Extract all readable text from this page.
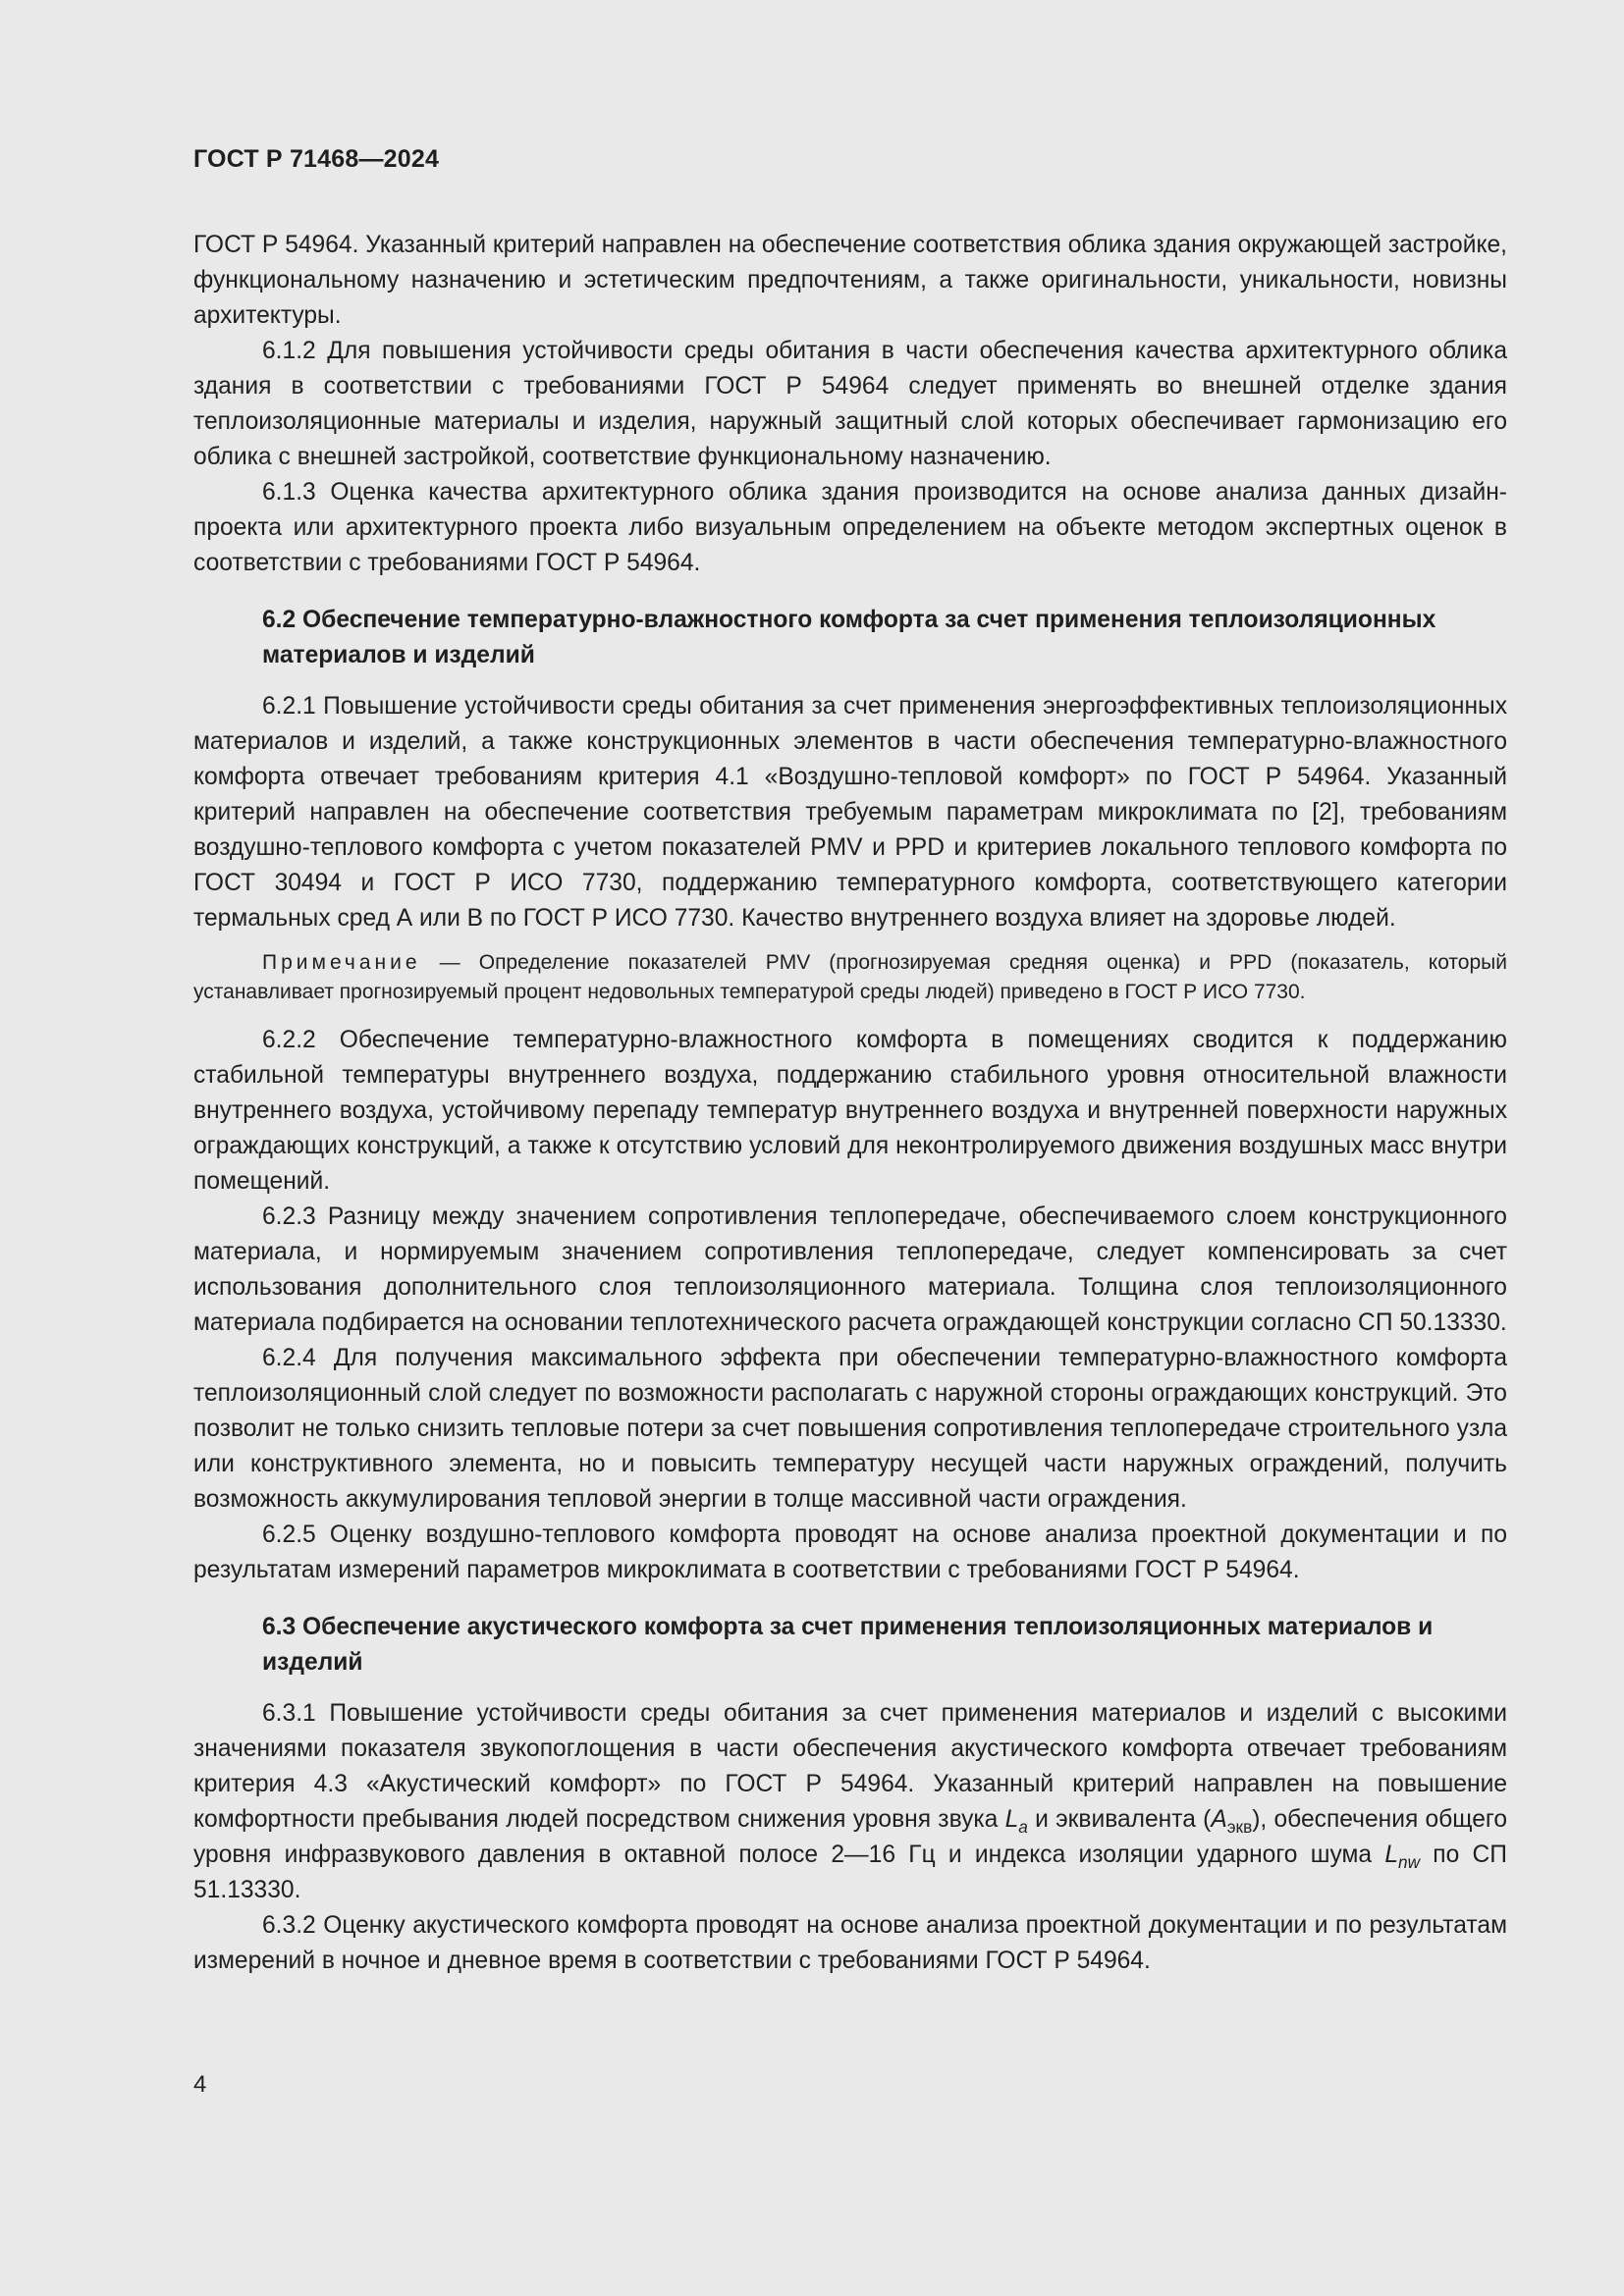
ГОСТ Р 71468—2024

ГОСТ Р 54964. Указанный критерий направлен на обеспечение соответствия облика здания окружающей застройке, функциональному назначению и эстетическим предпочтениям, а также оригинальности, уникальности, новизны архитектуры.

6.1.2 Для повышения устойчивости среды обитания в части обеспечения качества архитектурного облика здания в соответствии с требованиями ГОСТ Р 54964 следует применять во внешней отделке здания теплоизоляционные материалы и изделия, наружный защитный слой которых обеспечивает гармонизацию его облика с внешней застройкой, соответствие функциональному назначению.

6.1.3 Оценка качества архитектурного облика здания производится на основе анализа данных дизайн-проекта или архитектурного проекта либо визуальным определением на объекте методом экспертных оценок в соответствии с требованиями ГОСТ Р 54964.

6.2 Обеспечение температурно-влажностного комфорта за счет применения теплоизоляционных материалов и изделий

6.2.1 Повышение устойчивости среды обитания за счет применения энергоэффективных теплоизоляционных материалов и изделий, а также конструкционных элементов в части обеспечения температурно-влажностного комфорта отвечает требованиям критерия 4.1 «Воздушно-тепловой комфорт» по ГОСТ Р 54964. Указанный критерий направлен на обеспечение соответствия требуемым параметрам микроклимата по [2], требованиям воздушно-теплового комфорта с учетом показателей PMV и PPD и критериев локального теплового комфорта по ГОСТ 30494 и ГОСТ Р ИСО 7730, поддержанию температурного комфорта, соответствующего категории термальных сред А или В по ГОСТ Р ИСО 7730. Качество внутреннего воздуха влияет на здоровье людей.

Примечание — Определение показателей PMV (прогнозируемая средняя оценка) и PPD (показатель, который устанавливает прогнозируемый процент недовольных температурой среды людей) приведено в ГОСТ Р ИСО 7730.

6.2.2 Обеспечение температурно-влажностного комфорта в помещениях сводится к поддержанию стабильной температуры внутреннего воздуха, поддержанию стабильного уровня относительной влажности внутреннего воздуха, устойчивому перепаду температур внутреннего воздуха и внутренней поверхности наружных ограждающих конструкций, а также к отсутствию условий для неконтролируемого движения воздушных масс внутри помещений.

6.2.3 Разницу между значением сопротивления теплопередаче, обеспечиваемого слоем конструкционного материала, и нормируемым значением сопротивления теплопередаче, следует компенсировать за счет использования дополнительного слоя теплоизоляционного материала. Толщина слоя теплоизоляционного материала подбирается на основании теплотехнического расчета ограждающей конструкции согласно СП 50.13330.

6.2.4 Для получения максимального эффекта при обеспечении температурно-влажностного комфорта теплоизоляционный слой следует по возможности располагать с наружной стороны ограждающих конструкций. Это позволит не только снизить тепловые потери за счет повышения сопротивления теплопередаче строительного узла или конструктивного элемента, но и повысить температуру несущей части наружных ограждений, получить возможность аккумулирования тепловой энергии в толще массивной части ограждения.

6.2.5 Оценку воздушно-теплового комфорта проводят на основе анализа проектной документации и по результатам измерений параметров микроклимата в соответствии с требованиями ГОСТ Р 54964.

6.3 Обеспечение акустического комфорта за счет применения теплоизоляционных материалов и изделий

6.3.1 Повышение устойчивости среды обитания за счет применения материалов и изделий с высокими значениями показателя звукопоглощения в части обеспечения акустического комфорта отвечает требованиям критерия 4.3 «Акустический комфорт» по ГОСТ Р 54964. Указанный критерий направлен на повышение комфортности пребывания людей посредством снижения уровня звука $L_a$ и эквивалента $(A_{экв})$, обеспечения общего уровня инфразвукового давления в октавной полосе 2—16 Гц и индекса изоляции ударного шума $L_{nw}$ по СП 51.13330.

6.3.2 Оценку акустического комфорта проводят на основе анализа проектной документации и по результатам измерений в ночное и дневное время в соответствии с требованиями ГОСТ Р 54964.

4
